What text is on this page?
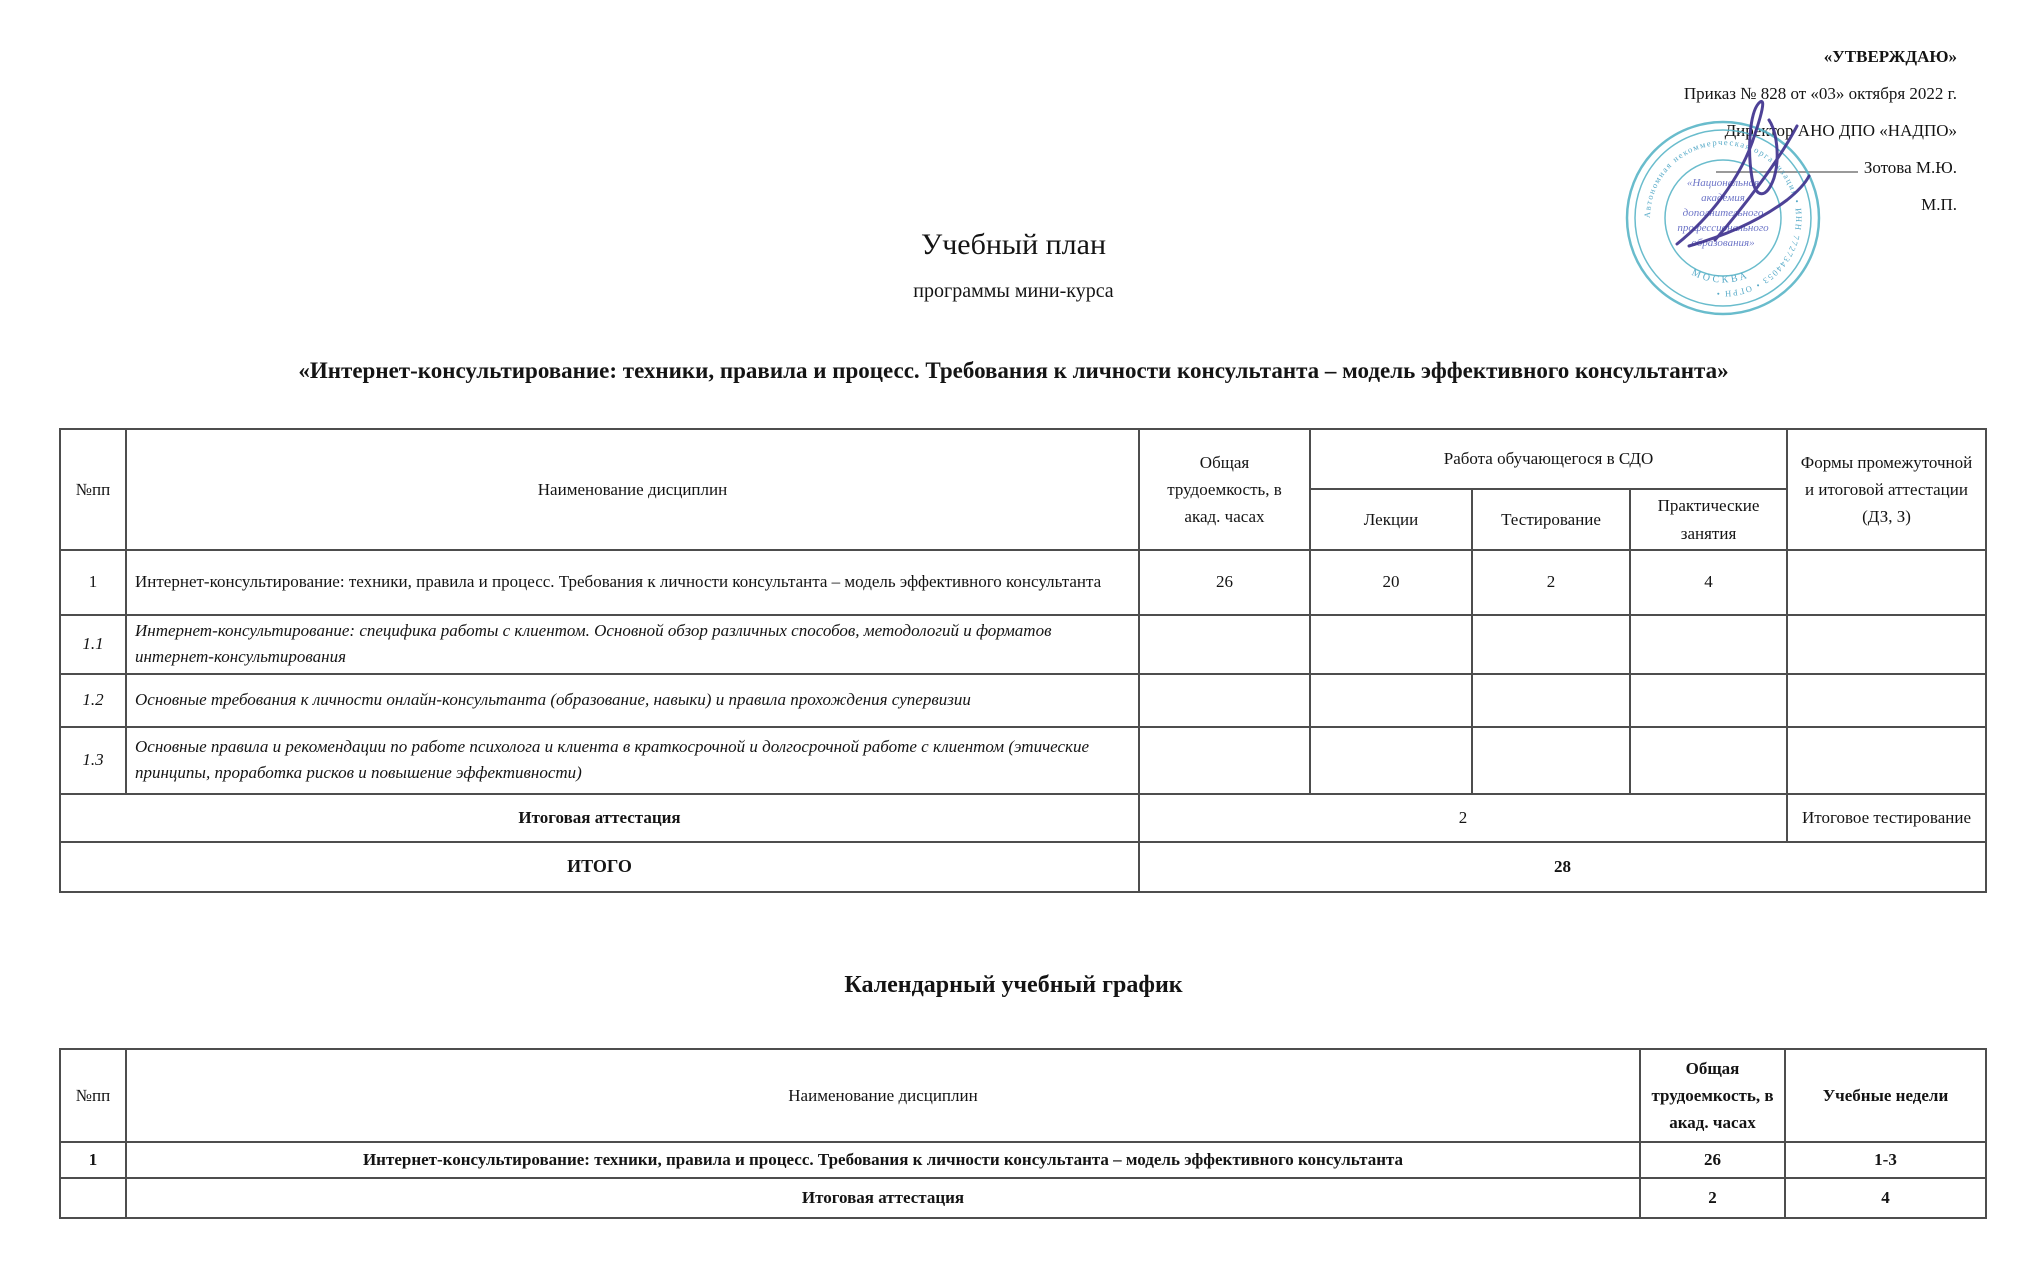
«УТВЕРЖДАЮ»
Приказ № 828 от «03» октября 2022 г.
Директор АНО ДПО «НАДПО»
Зотова М.Ю.
М.П.
Автономная некоммерческая организация • ИНН 7727344053 • ОГРН •
«Национальная
академия
дополнительного
профессионального
образования»
МОСКВА
Учебный план
программы мини-курса
«Интернет-консультирование: техники, правила и процесс. Требования к личности консультанта – модель эффективного консультанта»
№пп	Наименование дисциплин	Общая трудоемкость, в акад. часах	Работа обучающегося в СДО			Формы промежуточной и итоговой аттестации (ДЗ, З)
			Лекции	Тестирование	Практические занятия	
1	Интернет-консультирование: техники, правила и процесс. Требования к личности консультанта – модель эффективного консультанта	26	20	2	4	
1.1	Интернет-консультирование: специфика работы с клиентом. Основной обзор различных способов, методологий и форматов интернет-консультирования					
1.2	Основные требования к личности онлайн-консультанта (образование, навыки) и правила прохождения супервизии					
1.3	Основные правила и рекомендации по работе психолога и клиента в краткосрочной и долгосрочной работе с клиентом (этические принципы, проработка рисков и повышение эффективности)					
Итоговая аттестация		2				Итоговое тестирование
ИТОГО		28				
Календарный учебный график
№пп	Наименование дисциплин	Общая трудоемкость, в акад. часах	Учебные недели
1	Интернет-консультирование: техники, правила и процесс. Требования к личности консультанта – модель эффективного консультанта	26	1-3
	Итоговая аттестация	2	4
